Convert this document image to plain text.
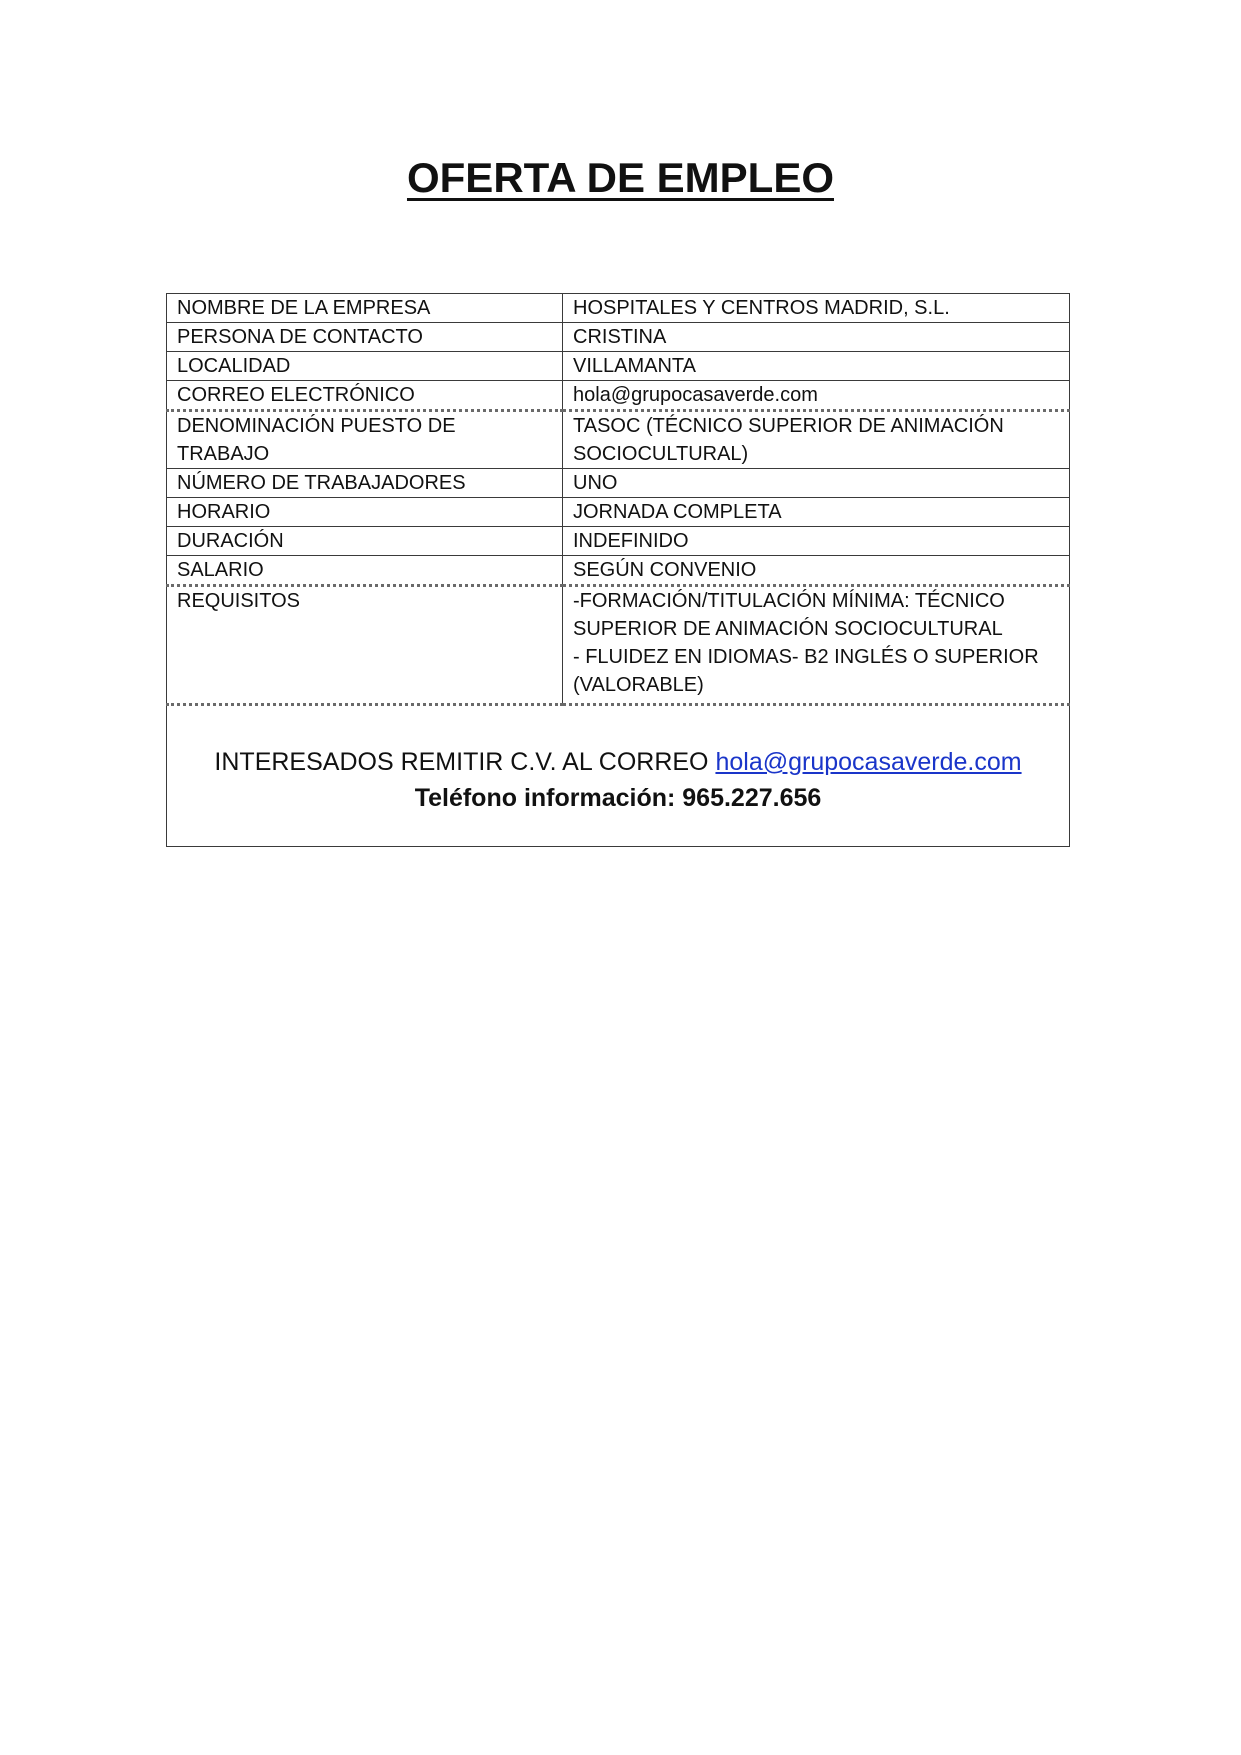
OFERTA DE EMPLEO
NOMBRE DE LA EMPRESA	HOSPITALES Y CENTROS MADRID, S.L.
PERSONA DE CONTACTO	CRISTINA
LOCALIDAD	VILLAMANTA
CORREO ELECTRÓNICO	hola@grupocasaverde.com
DENOMINACIÓN PUESTO DE TRABAJO	TASOC (TÉCNICO SUPERIOR DE ANIMACIÓN SOCIOCULTURAL)
NÚMERO DE TRABAJADORES	UNO
HORARIO	JORNADA COMPLETA
DURACIÓN	INDEFINIDO
SALARIO	SEGÚN CONVENIO
REQUISITOS	-FORMACIÓN/TITULACIÓN MÍNIMA: TÉCNICO SUPERIOR DE ANIMACIÓN SOCIOCULTURAL
- FLUIDEZ EN IDIOMAS- B2 INGLÉS O SUPERIOR (VALORABLE)

INTERESADOS REMITIR C.V. AL CORREO hola@grupocasaverde.com
Teléfono información: 965.227.656	
